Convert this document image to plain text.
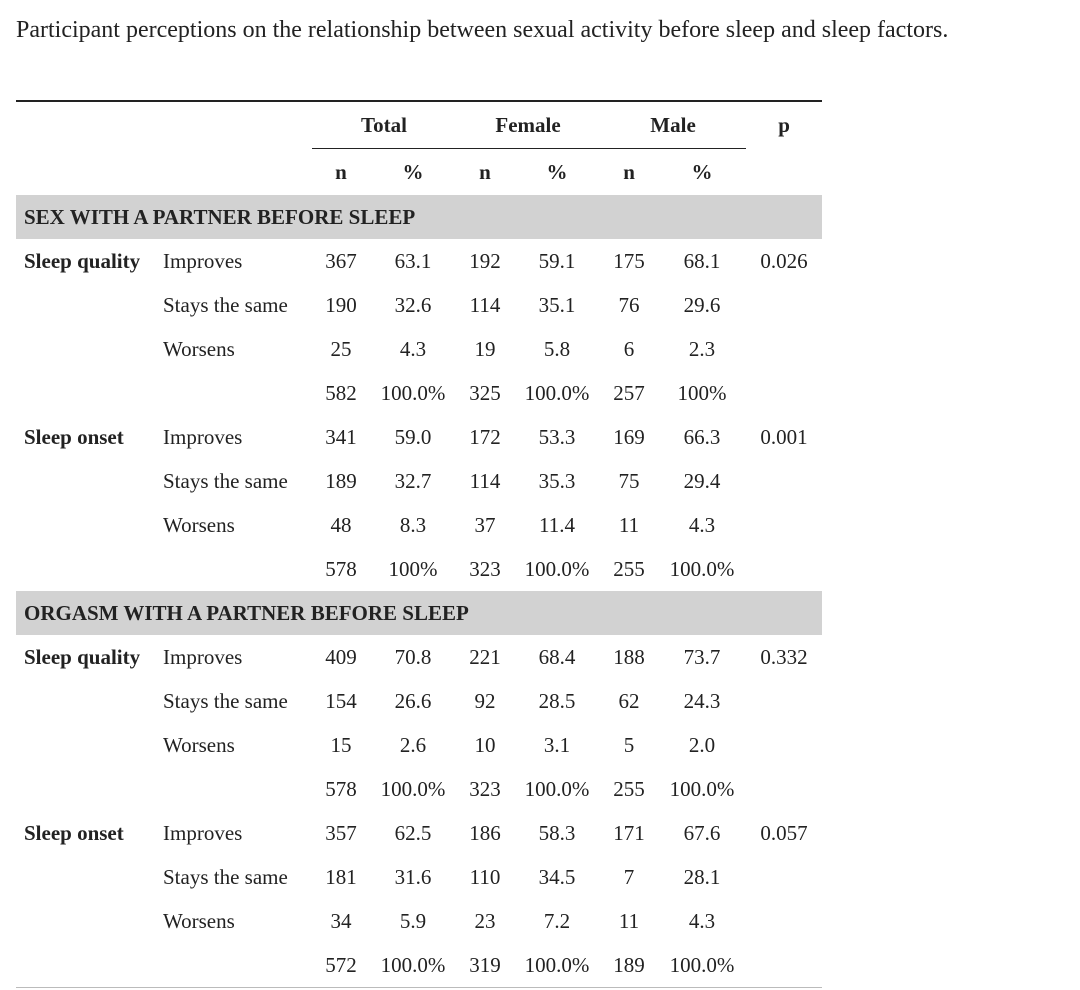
Participant perceptions on the relationship between sexual activity before sleep and sleep factors.
		Total		Female		Male		p
		n	%	n	%	n	%	
SEX WITH A PARTNER BEFORE SLEEP								
Sleep quality	Improves	367	63.1	192	59.1	175	68.1	0.026
	Stays the same	190	32.6	114	35.1	76	29.6	
	Worsens	25	4.3	19	5.8	6	2.3	
		582	100.0%	325	100.0%	257	100%	
Sleep onset	Improves	341	59.0	172	53.3	169	66.3	0.001
	Stays the same	189	32.7	114	35.3	75	29.4	
	Worsens	48	8.3	37	11.4	11	4.3	
		578	100%	323	100.0%	255	100.0%	
ORGASM WITH A PARTNER BEFORE SLEEP								
Sleep quality	Improves	409	70.8	221	68.4	188	73.7	0.332
	Stays the same	154	26.6	92	28.5	62	24.3	
	Worsens	15	2.6	10	3.1	5	2.0	
		578	100.0%	323	100.0%	255	100.0%	
Sleep onset	Improves	357	62.5	186	58.3	171	67.6	0.057
	Stays the same	181	31.6	110	34.5	7	28.1	
	Worsens	34	5.9	23	7.2	11	4.3	
		572	100.0%	319	100.0%	189	100.0%	
